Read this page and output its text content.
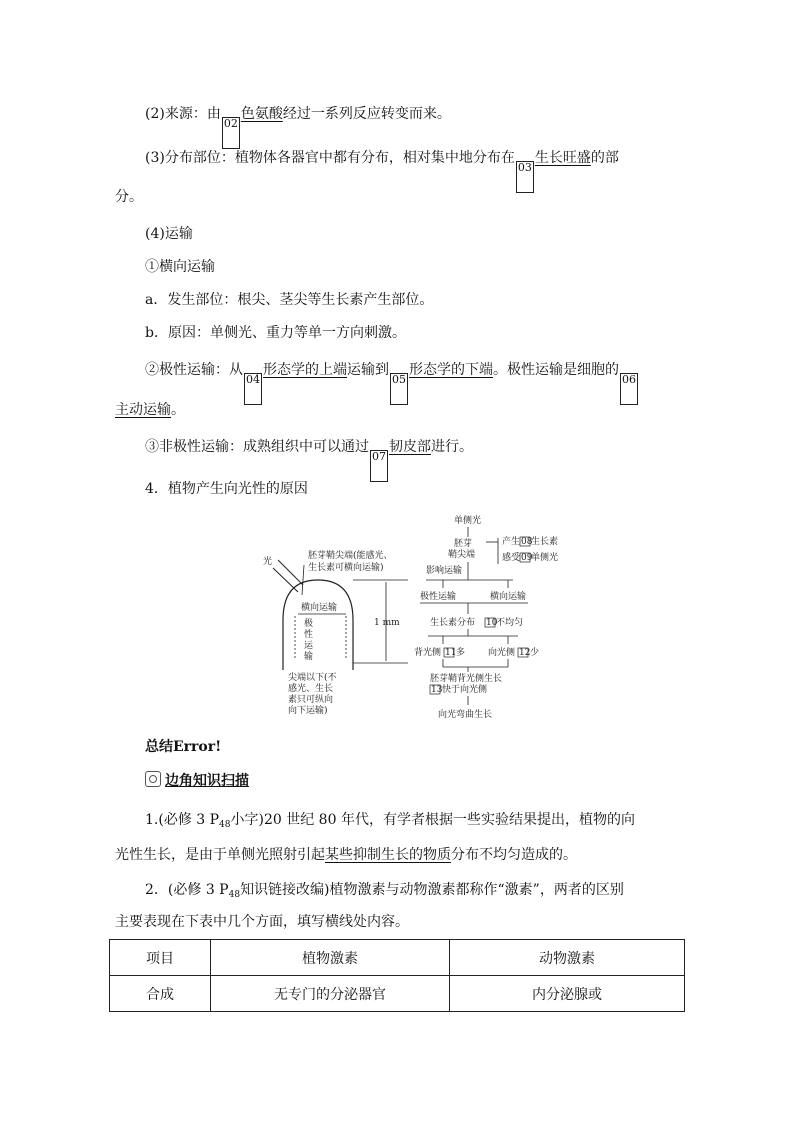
(2)来源：由02色氨酸经过一系列反应转变而来。
(3)分布部位：植物体各器官中都有分布，相对集中地分布在03生长旺盛的部
分。
(4)运输
①横向运输
a．发生部位：根尖、茎尖等生长素产生部位。
b．原因：单侧光、重力等单一方向刺激。
②极性运输：从04形态学的上端运输到05形态学的下端。极性运输是细胞的06
主动运输。
③非极性运输：成熟组织中可以通过07韧皮部进行。
4．植物产生向光性的原因
光
胚芽鞘尖端(能感光、
生长素可横向运输)
横向运输
极
性
运
输
尖端以下(不
感光、生长
素只可纵向
向下运输)
1 mm
单侧光
胚芽
鞘尖端
产生 08
生长素
感受 09
单侧光
影响运输
极性运输	横向运输
生长素分布 10
不均匀
背光侧 11 多	向光侧 12 少
胚芽鞘背光侧生长
13 快于向光侧
向光弯曲生长
总结Error!
边角知识扫描
1.(必修 3 $P_{48}$小字)20 世纪 80 年代，有学者根据一些实验结果提出，植物的向
光性生长，是由于单侧光照射引起某些抑制生长的物质分布不均匀造成的。
2．(必修 3 $P_{48}$知识链接改编)植物激素与动物激素都称作“激素”，两者的区别
主要表现在下表中几个方面，填写横线处内容。
项目	植物激素	动物激素
合成	无专门的分泌器官	内分泌腺或
